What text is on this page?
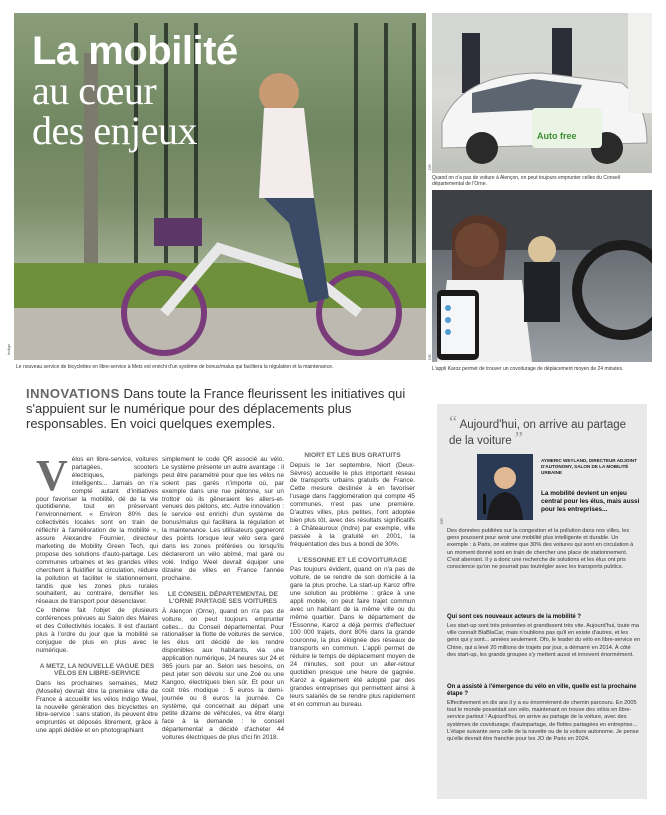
La mobilité
au cœur
des enjeux
Indigo
Le nouveau service de bicyclettes en libre-service à Metz est enrichi d'un système de bonus/malus qui facilitera la régulation et la maintenance.
Auto free
DR
Quand on n'a pas de voiture à Alençon, on peut toujours emprunter celles du Conseil départemental de l'Orne.
DR
L'appli Karoz permet de trouver un covoiturage de déplacement moyen de 24 minutes.
INNOVATIONS Dans toute la France fleurissent les initiatives qui s'appuient sur le numérique pour des déplacements plus responsables. En voici quelques exemples.

Vélos en libre-service, voitures partagées, scooters électriques, parkings intelligents... Jamais on n'a compté autant d'initiatives pour favoriser la mobilité, dé de la vie quotidienne, tout en préservant l'environnement. « Environ 80% des collectivités locales sont en train de réfléchir à l'amélioration de la mobilité », assure Alexandre Fournier, directeur marketing de Mobility Green Tech, qui propose des solutions d'auto-partage. Les communes urbaines et les grandes villes cherchent à fluidifier la circulation, réduire la pollution et faciliter le stationnement, tandis que les zones plus rurales souhaitent, au contraire, densifier les réseaux de transport pour désenclaver.

Ce thème fait l'objet de plusieurs conférences prévues au Salon des Maires et des Collectivités locales. Il est d'autant plus à l'ordre du jour que la mobilité se conjugue de plus en plus avec le numérique.

A METZ, LA NOUVELLE VAGUE DES VÉLOS EN LIBRE-SERVICE

Dans les prochaines semaines, Metz (Moselle) devrait être la première ville de France à accueillir les vélos Indigo Weel, la nouvelle génération des bicyclettes en libre-service : sans station, ils peuvent être empruntés et déposés librement, grâce à une appli dédiée et en photographiant

simplement le code QR associé au vélo. Le système présente un autre avantage : il peut être paramétré pour que les vélos ne soient pas garés n'importe où, par exemple dans une rue piétonne, sur un trottoir où ils gêneraient les allers-et-venues des piétons, etc. Autre innovation : le service est enrichi d'un système de bonus/malus qui facilitera la régulation et la maintenance. Les utilisateurs gagneront des points lorsque leur vélo sera garé dans les zones préférées ou lorsqu'ils déclareront un vélo abîmé, mal garé ou volé. Indigo Weel devrait équiper une dizaine de villes en France l'année prochaine.

LE CONSEIL DÉPARTEMENTAL DE L'ORNE PARTAGE SES VOITURES

À Alençon (Orne), quand on n'a pas de voiture, on peut toujours emprunter celles... du Conseil départemental. Pour rationaliser la flotte de voitures de service, les élus ont décidé de les rendre disponibles aux habitants, via une application numérique, 24 heures sur 24 et 365 jours par an. Selon ses besoins, on peut jeter son dévolu sur une Zoé ou une Kangoo, électriques bien sûr. Et pour un coût très modique : 5 euros la demi-journée ou 8 euros la journée. Ce système, qui concernait au départ une petite dizaine de véhicules, va être élargi face à la demande : le conseil départemental a décidé d'acheter 44 voitures électriques de plus d'ici fin 2018.

NIORT ET LES BUS GRATUITS

Depuis le 1er septembre, Niort (Deux-Sèvres) accueille le plus important réseau de transports urbains gratuits de France. Cette mesure destinée à en favoriser l'usage dans l'agglomération qui compte 45 communes, n'est pas une première. D'autres villes, plus petites, l'ont adoptée bien plus tôt, avec des résultats significatifs : à Châteauroux (Indre) par exemple, ville passée à la gratuité en 2001, la fréquentation des bus a bondi de 30%.

L'ESSONNE ET LE COVOITURAGE

Pas toujours évident, quand on n'a pas de voiture, de se rendre de son domicile à la gare la plus proche. La start-up Karoz offre une solution au problème : grâce à une appli mobile, on peut faire trajet commun avec un habitant de la même ville ou du même quartier. Dans le département de l'Essonne, Karoz a déjà permis d'effectuer 100 000 trajets, dont 80% dans la grande couronne, la plus éloignée des réseaux de transports en commun. L'appli permet de réduire le temps de déplacement moyen de 24 minutes, soit pour un aller-retour quotidien presque une heure de gagnée. Karoz a également été adopté par des grandes entreprises qui permettent ainsi à leurs salariés de se rendre plus rapidement et en commun au bureau.

“ Aujourd'hui, on arrive au partage de la voiture ”
AYMERIC WEYLAND, DIRECTEUR ADJOINT D'AUTONOMY, SALON DE LA MOBILITÉ URBAINE
La mobilité devient un enjeu central pour les élus, mais aussi pour les entreprises...
Des données publiées sur la congestion et la pollution dans nos villes, les gens poussent pour avoir une mobilité plus intelligente et durable. Un exemple : à Paris, on estime que 30% des voitures qui sont en circulation à un moment donné sont en train de chercher une place de stationnement. C'est aberrant. Il y a donc une recherche de solutions et les élus ont pris conscience qu'on ne pourrait pas toutrégler avec les transports publics.
Qui sont ces nouveaux acteurs de la mobilité ?
Les start-up sont très présentes et grandissent très vite. Aujourd'hui, toute ma ville connaît BlaBlaCar, mais n'oublions pas qu'il en existe d'autres, et les gens qui y sont... années seulement. Ofo, le leader du vélo en libre-service en Chine, qui a levé 20 millions de trajets par jour, a démarré en 2014. À côté des start-up, les grands groupes s'y mettent aussi et innovent énormément.
On a assisté à l'émergence du vélo en ville, quelle est la prochaine étape ?
Effectivement en dix ans il y a eu énormément de chemin parcouru. En 2005 tout le monde possédait son vélo, maintenant on trouve des vélos en libre-service partout ! Aujourd'hui, on arrive au partage de la voiture, avec des systèmes de covoiturage, d'autopartage, de flottes partagées en entreprise... L'étape suivante sera celle de la navette ou de la voiture autonome. Je pense qu'elle devrait être franchie pour les JO de Paris en 2024.
DR
